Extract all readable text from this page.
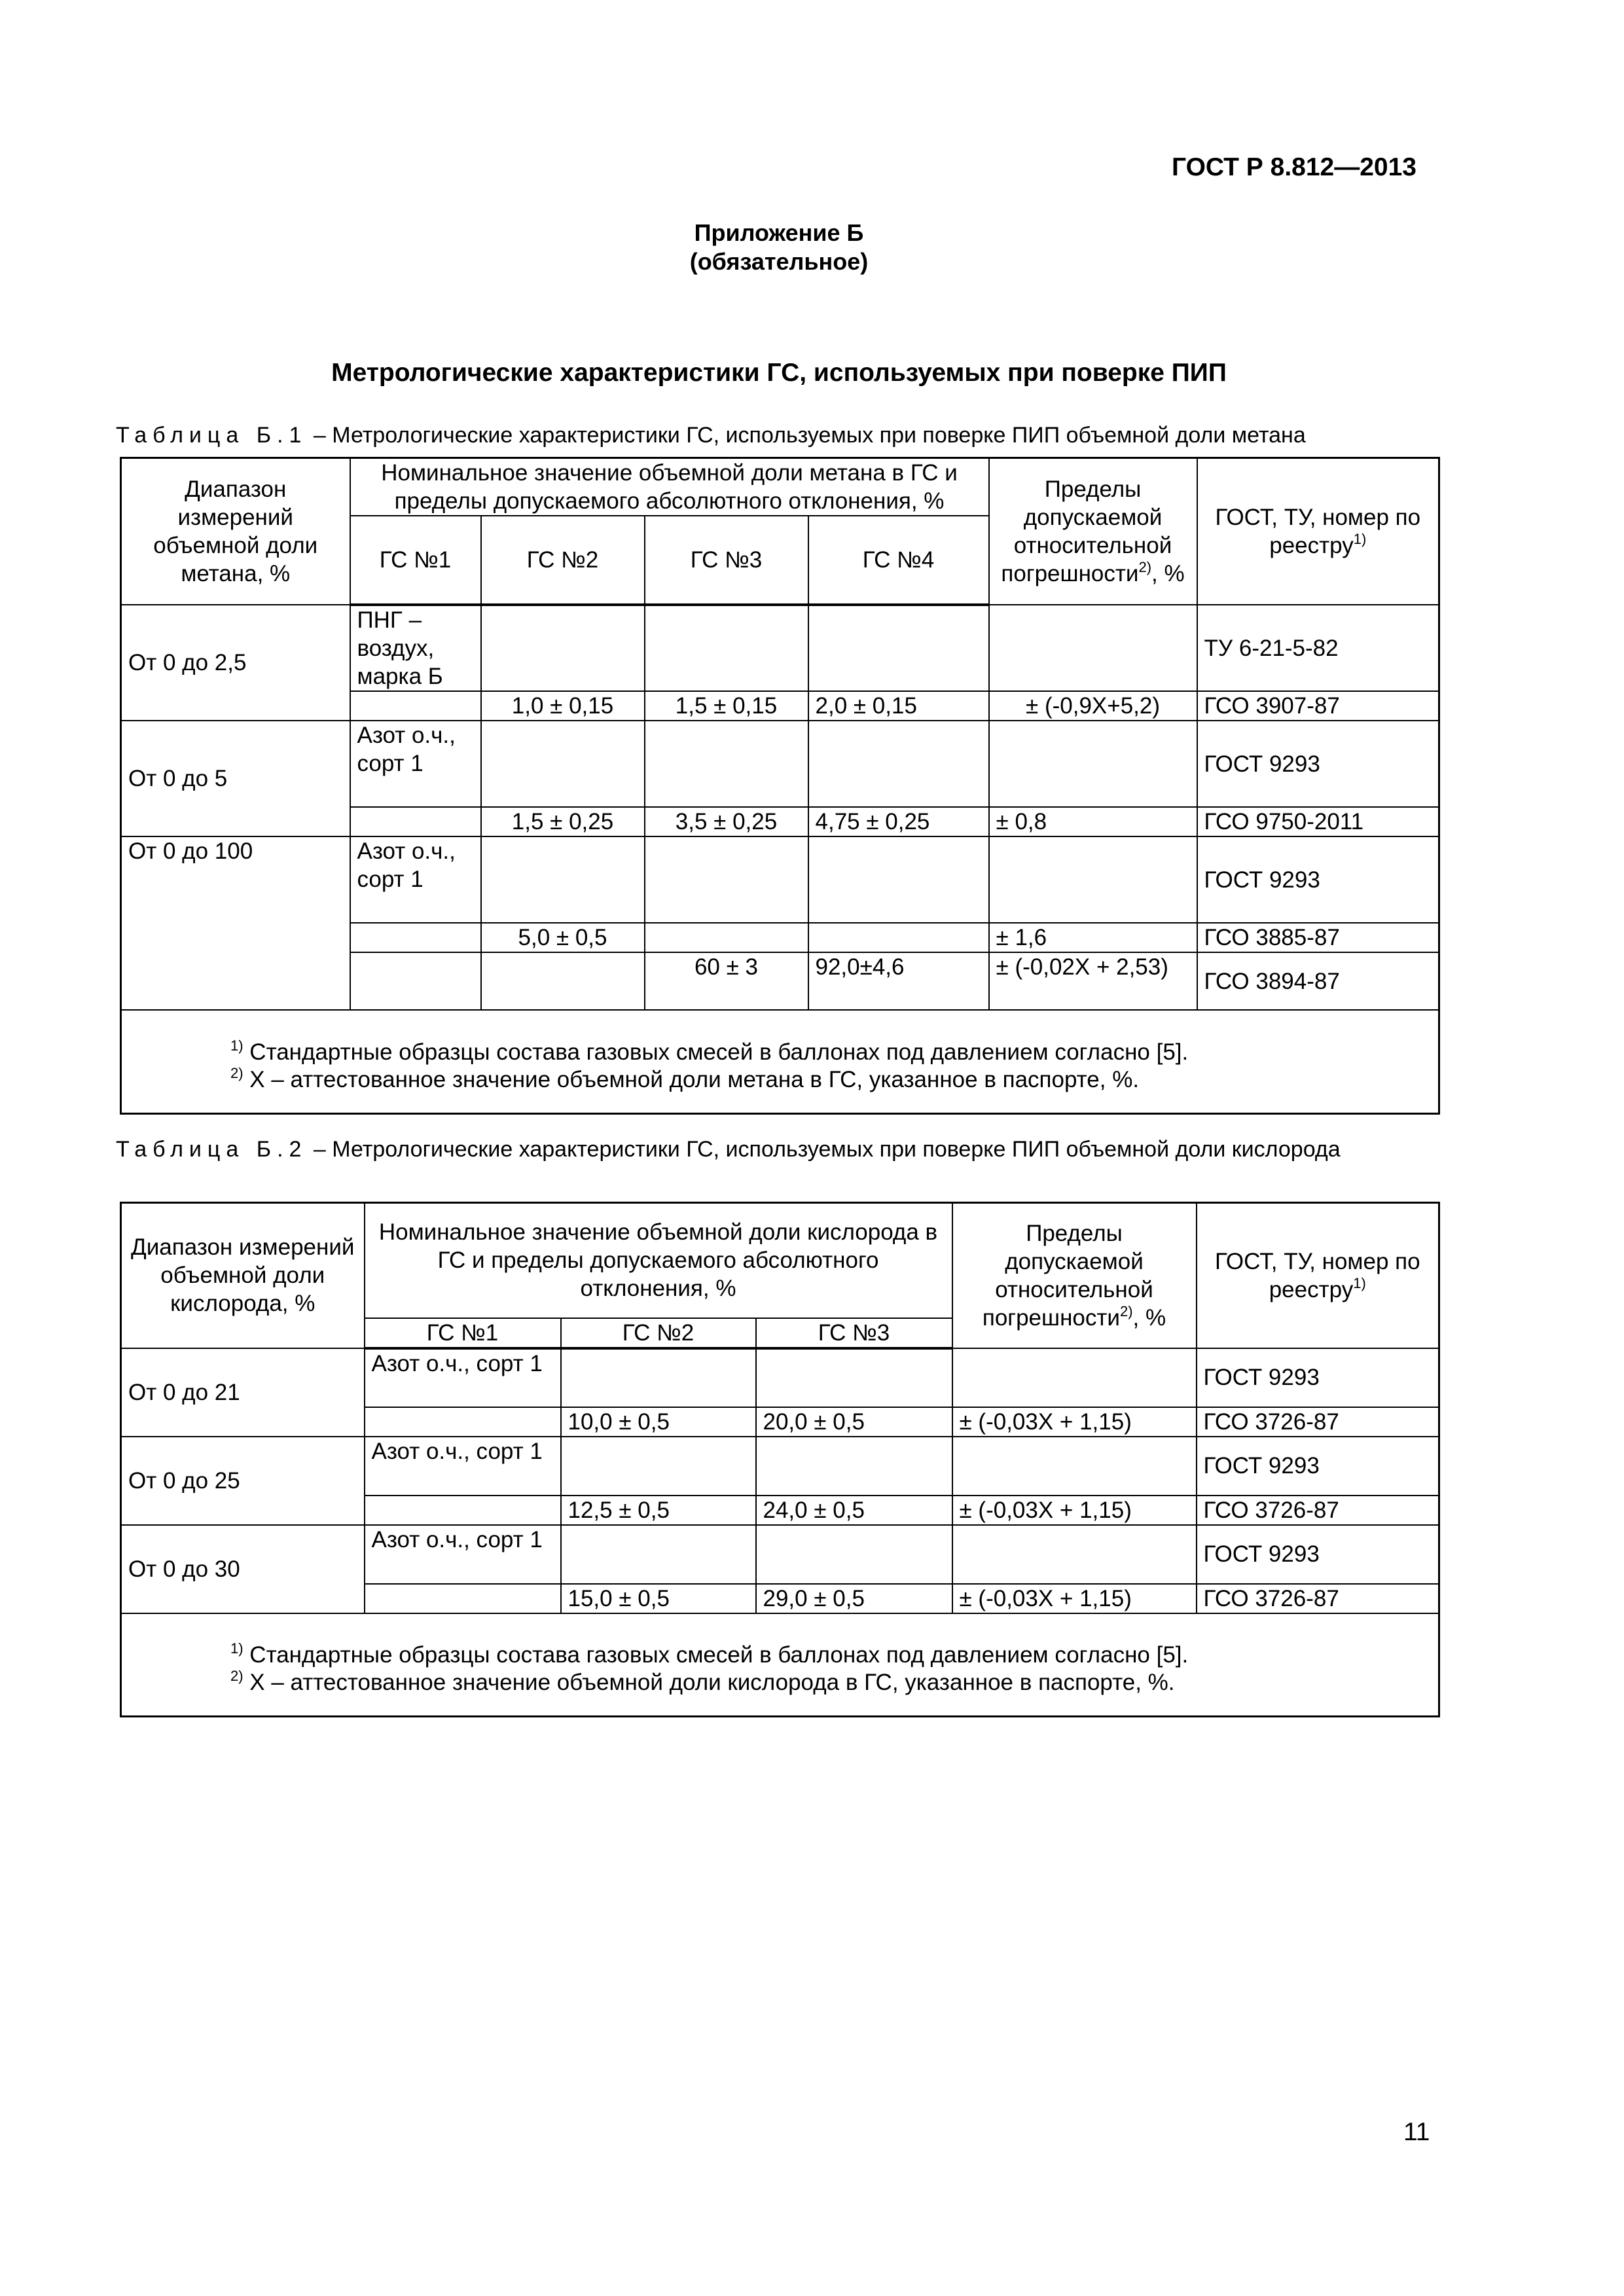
ГОСТ Р 8.812—2013
Приложение Б
(обязательное)
Метрологические характеристики ГС, используемых при поверке ПИП
Таблица Б.1 – Метрологические характеристики ГС, используемых при поверке ПИП объемной доли метана
Диапазон измерений объемной доли метана, %	Номинальное значение объемной доли метана в ГС и пределы допускаемого абсолютного отклонения, %				Пределы допускаемой относительной погрешности$^{2)}$, %	ГОСТ, ТУ, номер по реестру$^{1)}$
	ГС №1	ГС №2	ГС №3	ГС №4		
От 0 до 2,5	ПНГ – воздух, марка Б					ТУ 6-21-5-82
		1,0 ± 0,15	1,5 ± 0,15	2,0 ± 0,15	± (-0,9X+5,2)	ГСО 3907-87
От 0 до 5	Азот о.ч., сорт 1					ГОСТ 9293
		1,5 ± 0,25	3,5 ± 0,25	4,75 ± 0,25	± 0,8	ГСО 9750-2011
От 0 до 100	Азот о.ч., сорт 1					ГОСТ 9293
		5,0 ± 0,5			± 1,6	ГСО 3885-87
			60 ± 3	92,0±4,6	± (-0,02X + 2,53)	ГСО 3894-87

$^{1)}$ Стандартные образцы состава газовых смесей в баллонах под давлением согласно [5].
$^{2)}$ X – аттестованное значение объемной доли метана в ГС, указанное в паспорте, %.						
Таблица Б.2 – Метрологические характеристики ГС, используемых при поверке ПИП объемной доли кислорода
Диапазон измерений объемной доли кислорода, %	Номинальное значение объемной доли кислорода в ГС и пределы допускаемого абсолютного отклонения, %			Пределы допускаемой относительной погрешности$^{2)}$, %	ГОСТ, ТУ, номер по реестру$^{1)}$
	ГС №1	ГС №2	ГС №3		
От 0 до 21	Азот о.ч., сорт 1				ГОСТ 9293
		10,0 ± 0,5	20,0 ± 0,5	± (-0,03X + 1,15)	ГСО 3726-87
От 0 до 25	Азот о.ч., сорт 1				ГОСТ 9293
		12,5 ± 0,5	24,0 ± 0,5	± (-0,03X + 1,15)	ГСО 3726-87
От 0 до 30	Азот о.ч., сорт 1				ГОСТ 9293
		15,0 ± 0,5	29,0 ± 0,5	± (-0,03X + 1,15)	ГСО 3726-87

$^{1)}$ Стандартные образцы состава газовых смесей в баллонах под давлением согласно [5].
$^{2)}$ X – аттестованное значение объемной доли кислорода в ГС, указанное в паспорте, %.					
11
